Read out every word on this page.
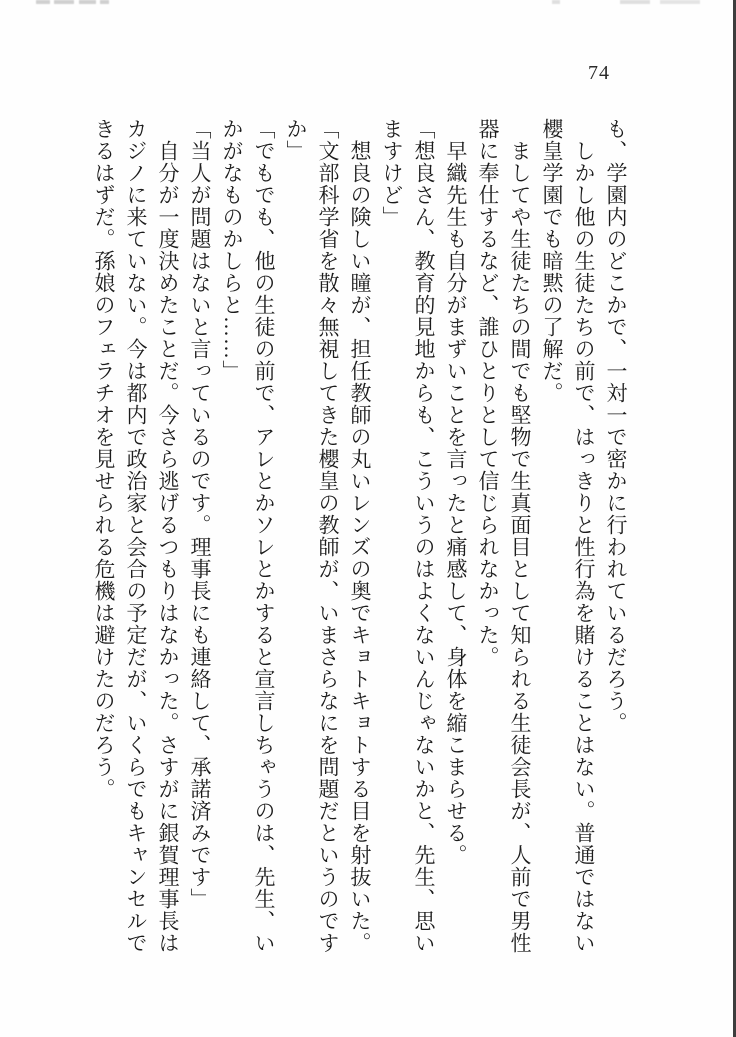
74
も、学園内のどこかで、一対一で密かに行われているだろう。
　しかし他の生徒たちの前で、はっきりと性行為を賭けることはない。普通ではない
櫻皇学園でも暗黙の了解だ。
　ましてや生徒たちの間でも堅物で生真面目として知られる生徒会長が、人前で男性
器に奉仕するなど、誰ひとりとして信じられなかった。
　早織先生も自分がまずいことを言ったと痛感して、身体を縮こまらせる。
「想良さん、教育的見地からも、こういうのはよくないんじゃないかと、先生、思い
ますけど」
　想良の険しい瞳が、担任教師の丸いレンズの奥でキョトキョトする目を射抜いた。
「文部科学省を散々無視してきた櫻皇の教師が、いまさらなにを問題だというのです
か」
「でもでも、他の生徒の前で、アレとかソレとかすると宣言しちゃうのは、先生、い
かがなものかしらと……」
「当人が問題はないと言っているのです。理事長にも連絡して、承諾済みです」
　自分が一度決めたことだ。今さら逃げるつもりはなかった。さすがに銀賀理事長は
カジノに来ていない。今は都内で政治家と会合の予定だが、いくらでもキャンセルで
きるはずだ。孫娘のフェラチオを見せられる危機は避けたのだろう。
